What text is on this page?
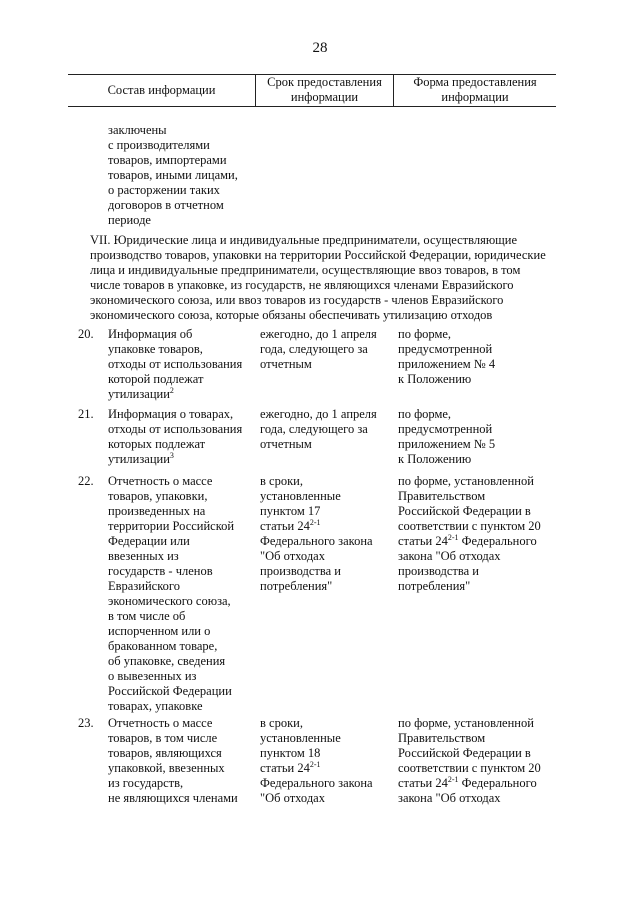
28
Состав информации
Срок предоставления
информации
Форма предоставления
информации
заключены
с производителями
товаров, импортерами
товаров, иными лицами,
о расторжении таких
договоров в отчетном
периоде
VII. Юридические лица и индивидуальные предприниматели, осуществляющие
производство товаров, упаковки на территории Российской Федерации, юридические
лица и индивидуальные предприниматели, осуществляющие ввоз товаров, в том
числе товаров в упаковке, из государств, не являющихся членами Евразийского
экономического союза, или ввоз товаров из государств - членов Евразийского
экономического союза, которые обязаны обеспечивать утилизацию отходов
20. Информация об
упаковке товаров,
отходы от использования
которой подлежат
утилизации$^2$
ежегодно, до 1 апреля
года, следующего за
отчетным
по форме,
предусмотренной
приложением № 4
к Положению
21. Информация о товарах,
отходы от использования
которых подлежат
утилизации$^3$
ежегодно, до 1 апреля
года, следующего за
отчетным
по форме,
предусмотренной
приложением № 5
к Положению
22. Отчетность о массе
товаров, упаковки,
произведенных на
территории Российской
Федерации или
ввезенных из
государств - членов
Евразийского
экономического союза,
в том числе об
испорченном или о
бракованном товаре,
об упаковке, сведения
о вывезенных из
Российской Федерации
товарах, упаковке
в сроки,
установленные
пунктом 17
статьи 24$^{2-1}$
Федерального закона
"Об отходах
производства и
потребления"
по форме, установленной
Правительством
Российской Федерации в
соответствии с пунктом 20
статьи 24$^{2-1}$ Федерального
закона "Об отходах
производства и
потребления"
23. Отчетность о массе
товаров, в том числе
товаров, являющихся
упаковкой, ввезенных
из государств,
не являющихся членами
в сроки,
установленные
пунктом 18
статьи 24$^{2-1}$
Федерального закона
"Об отходах
по форме, установленной
Правительством
Российской Федерации в
соответствии с пунктом 20
статьи 24$^{2-1}$ Федерального
закона "Об отходах
